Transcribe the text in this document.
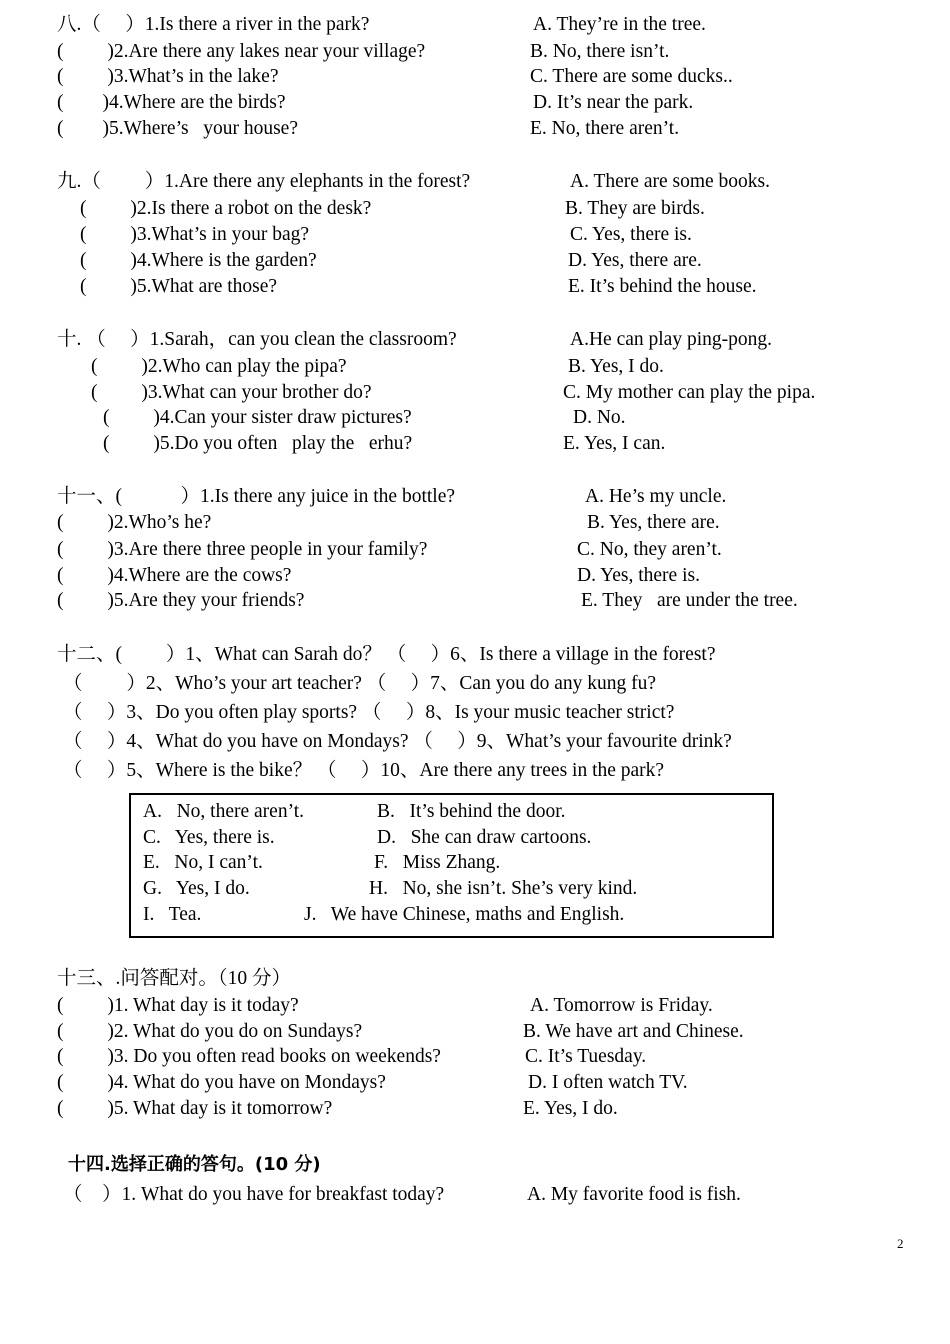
八.（　 ）1.Is there a river in the park?	A. They’re in the tree.
(　　 )2.Are there any lakes near your village?	B. No, there isn’t.
(　　 )3.What’s in the lake?	C. There are some ducks..
(　　)4.Where are the birds?	D. It’s near the park.
(　　)5.Where’s   your house?	E. No, there aren’t.
九.（　　 ）1.Are there any elephants in the forest?	A. There are some books.
(　　 )2.Is there a robot on the desk?	B. They are birds.
(　　 )3.What’s in your bag?	C. Yes, there is.
(　　 )4.Where is the garden?	D. Yes, there are.
(　　 )5.What are those?	E. It’s behind the house.
十. （　 ）1.Sarah，can you clean the classroom?	A.He can play ping-pong.
(　　 )2.Who can play the pipa?	B. Yes, I do.
(　　 )3.What can your brother do?	C. My mother can play the pipa.
(　　 )4.Can your sister draw pictures?	D. No.
(　　 )5.Do you often   play the   erhu?	E. Yes, I can.
十一、(　　　）1.Is there any juice in the bottle?	A. He’s my uncle.
(　　 )2.Who’s he?	B. Yes, there are.
(　　 )3.Are there three people in your family?	C. No, they aren’t.
(　　 )4.Where are the cows?	D. Yes, there is.
(　　 )5.Are they your friends?	E. They   are under the tree.
十二、(　　 ）1、What can Sarah do？ （　 ）6、Is there a village in the forest?
（　　 ）2、Who’s your art teacher? （　 ）7、Can you do any kung fu?
（　 ）3、Do you often play sports? （　 ）8、Is your music teacher strict?
（　 ）4、What do you have on Mondays? （　 ）9、What’s your favourite drink?
（　 ）5、Where is the bike？ （　 ）10、Are there any trees in the park?
A.   No, there aren’t.	B.   It’s behind the door.
C.   Yes, there is.	D.   She can draw cartoons.
E.   No, I can’t.	F.   Miss Zhang.
G.   Yes, I do.	H.   No, she isn’t. She’s very kind.
I.   Tea.	J.   We have Chinese, maths and English.
十三、.问答配对。（10 分）
(　　 )1. What day is it today?	A. Tomorrow is Friday.
(　　 )2. What do you do on Sundays?	B. We have art and Chinese.
(　　 )3. Do you often read books on weekends?	C. It’s Tuesday.
(　　 )4. What do you have on Mondays?	D. I often watch TV.
(　　 )5. What day is it tomorrow?	E. Yes, I do.
十四.选择正确的答句。(10 分)
（　）1. What do you have for breakfast today?	A. My favorite food is fish.
2
